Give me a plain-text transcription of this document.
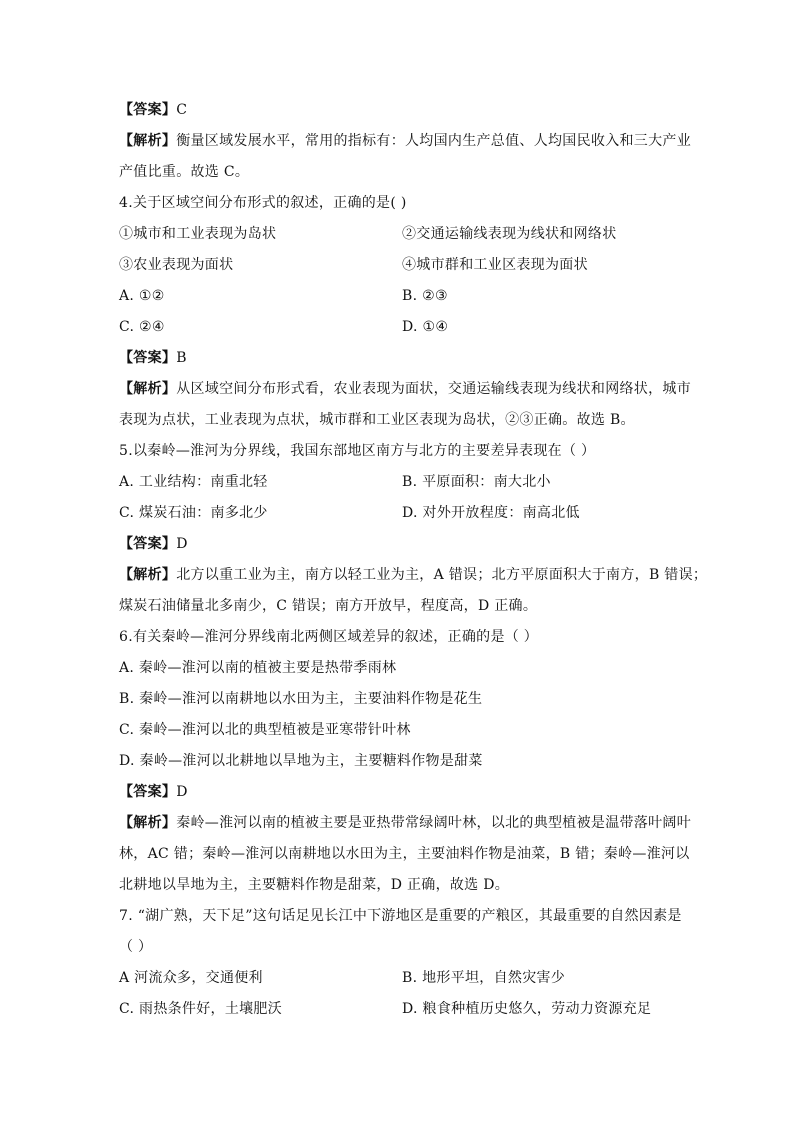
【答案】C
【解析】衡量区域发展水平，常用的指标有：人均国内生产总值、人均国民收入和三大产业
产值比重。故选 C。
4.关于区域空间分布形式的叙述，正确的是( )
①城市和工业表现为岛状	②交通运输线表现为线状和网络状
③农业表现为面状	④城市群和工业区表现为面状
A. ①②	B. ②③
C. ②④	D. ①④
【答案】B
【解析】从区域空间分布形式看，农业表现为面状，交通运输线表现为线状和网络状，城市
表现为点状，工业表现为点状，城市群和工业区表现为岛状，②③正确。故选 B。
5.以秦岭—淮河为分界线，我国东部地区南方与北方的主要差异表现在（ ）
A. 工业结构：南重北轻	B. 平原面积：南大北小
C. 煤炭石油：南多北少	D. 对外开放程度：南高北低
【答案】D
【解析】北方以重工业为主，南方以轻工业为主，A 错误；北方平原面积大于南方，B 错误；
煤炭石油储量北多南少，C 错误；南方开放早，程度高，D 正确。
6.有关秦岭—淮河分界线南北两侧区域差异的叙述，正确的是（ ）
A. 秦岭—淮河以南的植被主要是热带季雨林
B. 秦岭—淮河以南耕地以水田为主，主要油料作物是花生
C. 秦岭—淮河以北的典型植被是亚寒带针叶林
D. 秦岭—淮河以北耕地以旱地为主，主要糖料作物是甜菜
【答案】D
【解析】秦岭—淮河以南的植被主要是亚热带常绿阔叶林，以北的典型植被是温带落叶阔叶
林，AC 错；秦岭—淮河以南耕地以水田为主，主要油料作物是油菜，B 错；秦岭—淮河以
北耕地以旱地为主，主要糖料作物是甜菜，D 正确，故选 D。
7. “湖广熟，天下足”这句话足见长江中下游地区是重要的产粮区，其最重要的自然因素是
（ ）
A 河流众多，交通便利	B. 地形平坦，自然灾害少
C. 雨热条件好，土壤肥沃	D. 粮食种植历史悠久，劳动力资源充足
